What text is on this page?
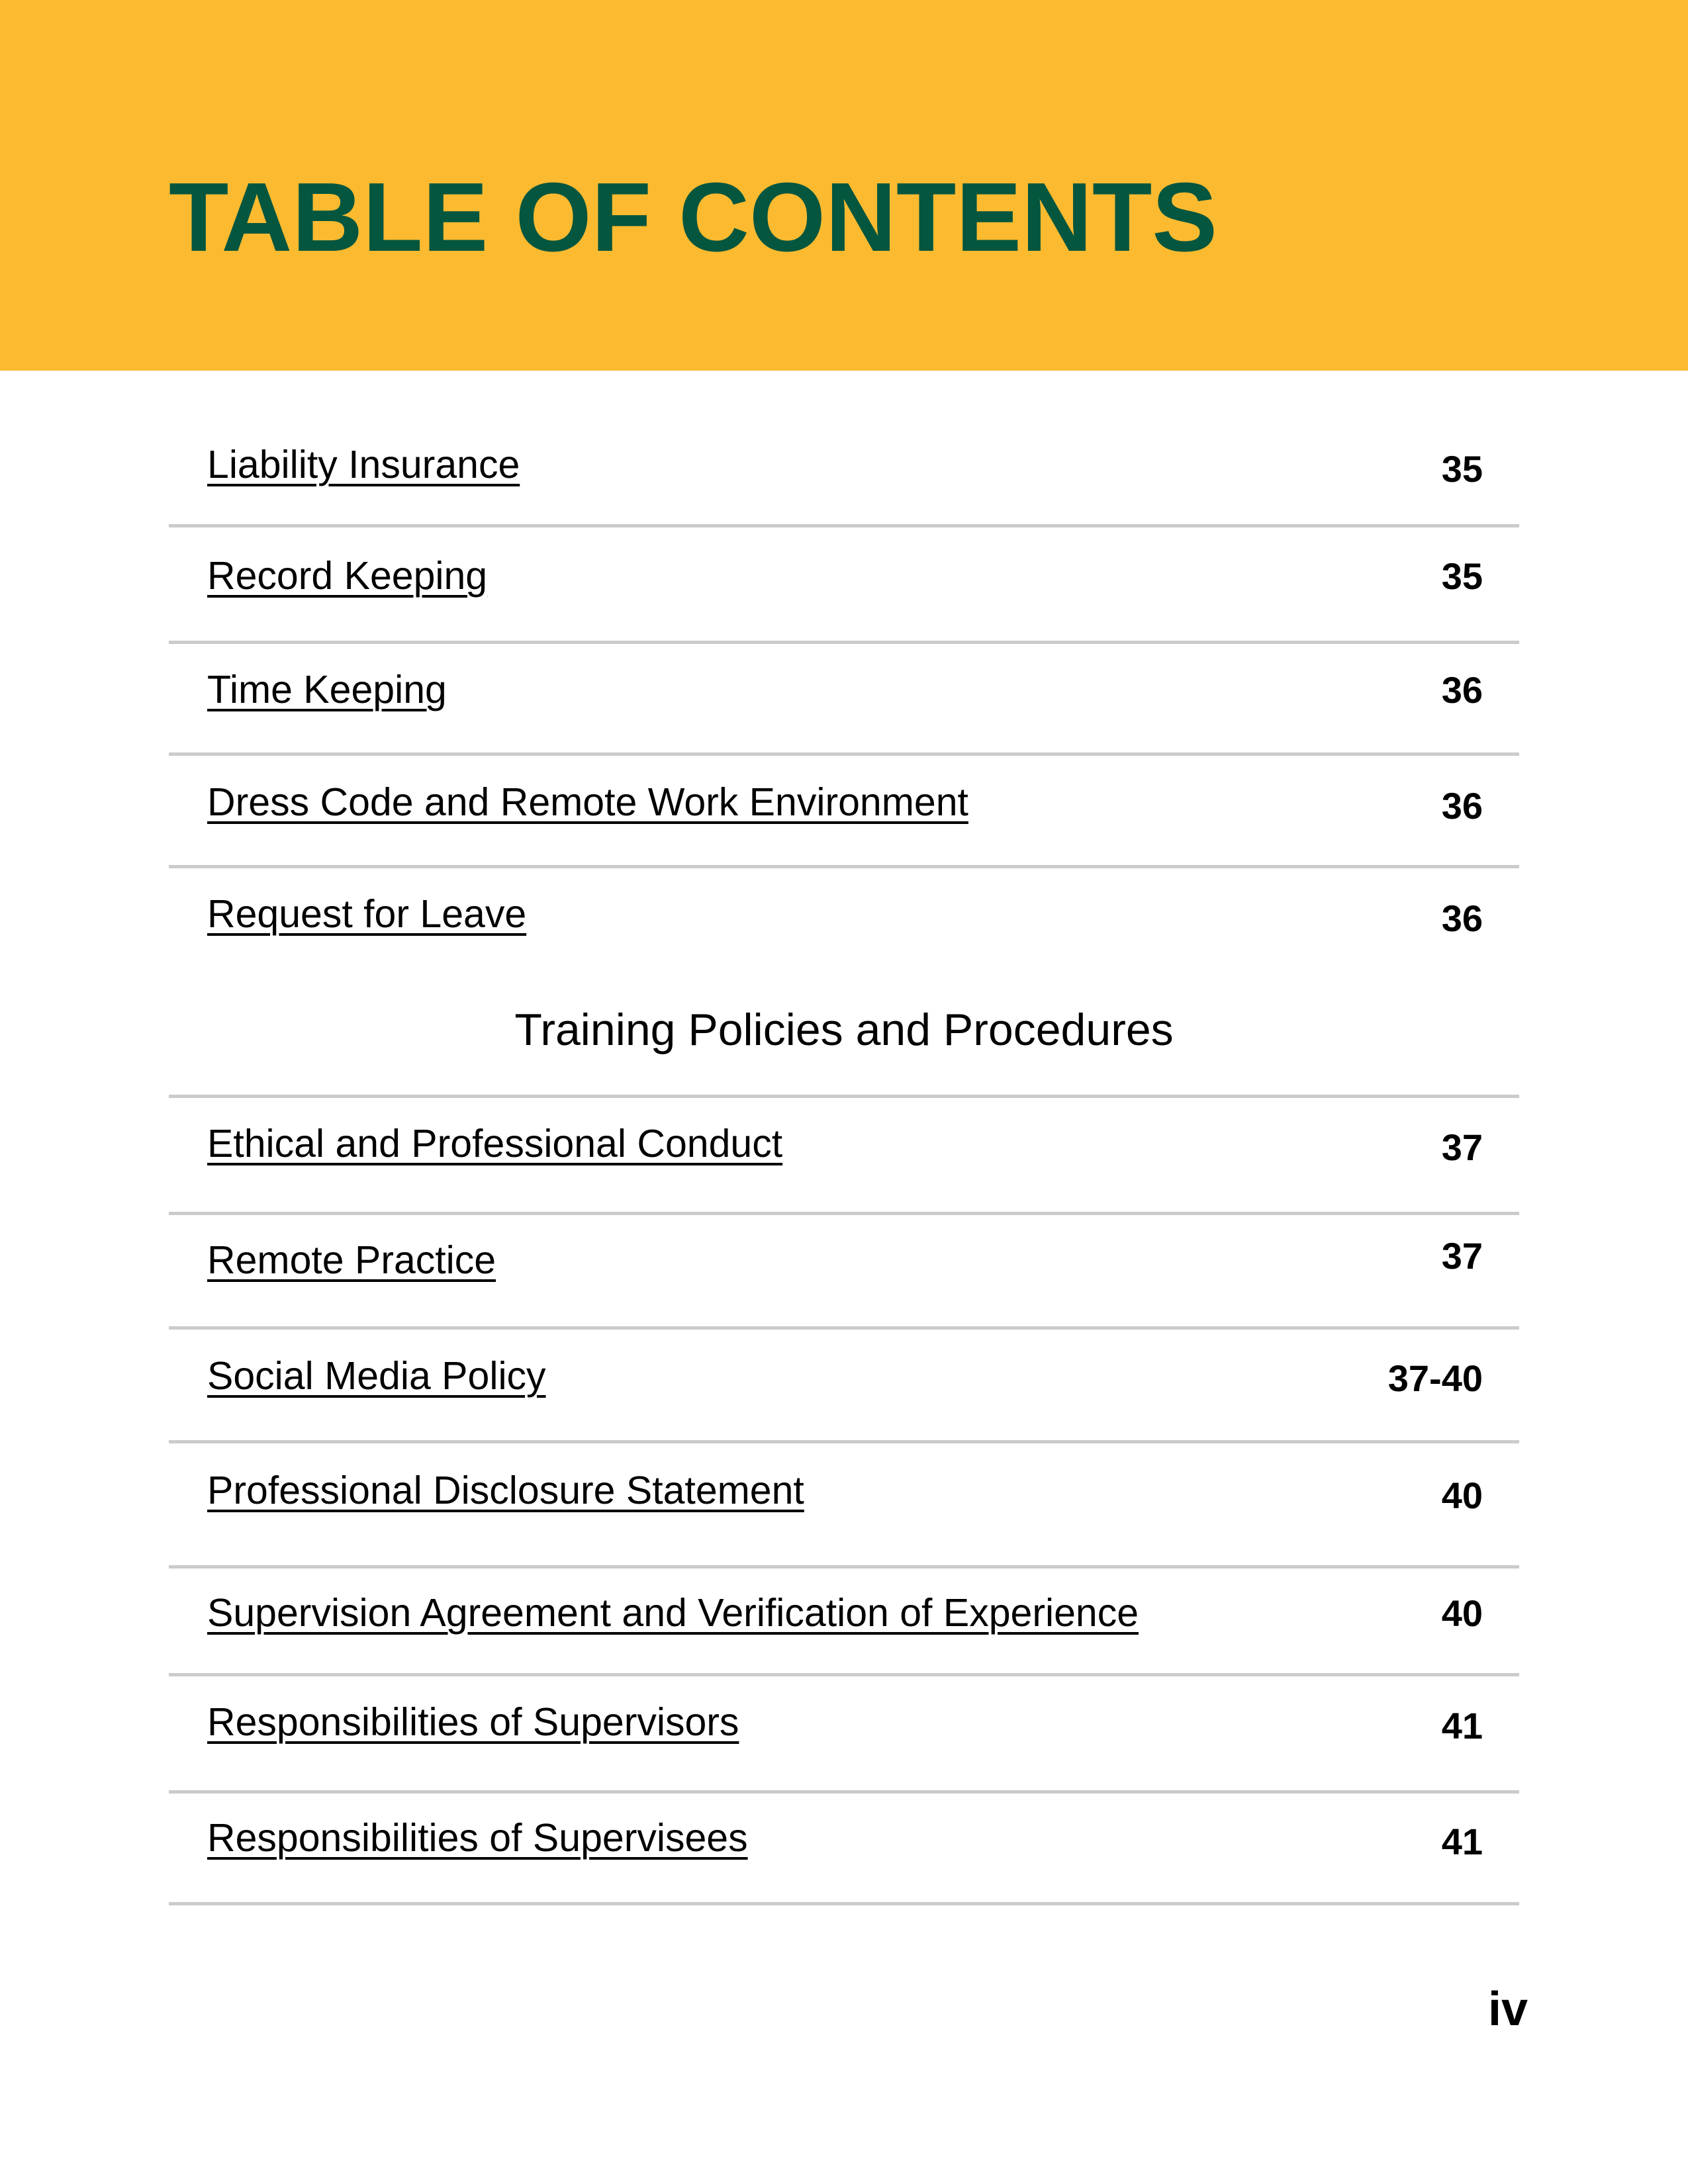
TABLE OF CONTENTS
Liability Insurance	35
Record Keeping	35
Time Keeping	36
Dress Code and Remote Work Environment	36
Request for Leave	36
Training Policies and Procedures
Ethical and Professional Conduct	37
Remote Practice	37
Social Media Policy	37-40
Professional Disclosure Statement	40
Supervision Agreement and Verification of Experience	40
Responsibilities of Supervisors	41
Responsibilities of Supervisees	41
iv
